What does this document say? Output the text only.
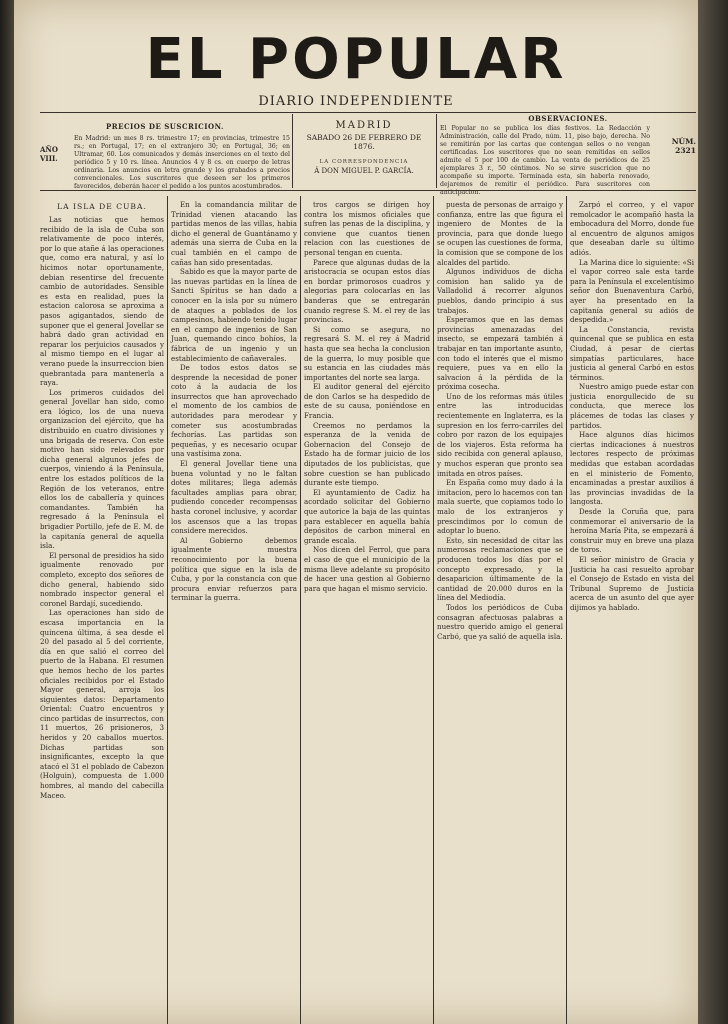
EL POPULAR
DIARIO INDEPENDIENTE
PRECIOS DE SUSCRICION.
AÑO VIII.
En Madrid: un mes 8 rs. trimestre 17; en provincias, trimestre 15 rs.; en Portugal, 17; en el extranjero 30; en Portugal, 36; en Ultramar, 60. Los comunicados y demás inserciones en el texto del periódico 5 y 10 rs. línea. Anuncios 4 y 8 cs. en cuerpo de letras ordinaria. Los anuncios en letra grande y los grabados a precios convencionales. Los suscritores que deseen ser los primeros favorecidos, deberán hacer el pedido a los puntos acostumbrados.
MADRID
SABADO 26 DE FEBRERO DE 1876.
LA CORRESPONDENCIA
Á DON MIGUEL P. GARCÍA.
OBSERVACIONES.
El Popular no se publica los días festivos. La Redacción y Administración, calle del Prado, núm. 11, piso bajo, derecha. No se remitirán por las cartas que contengan sellos o no vengan certificadas. Los suscritores que no sean remitidas en sellos admite el 5 por 100 de cambio. La venta de periódicos de 25 ejemplares 3 r., 50 céntimos. No se sirve suscricion que no acompañe su importe. Terminada esta, sin haberla renovado, dejaremos de remitir el periódico. Para suscritores con anticipacion.
NÚM. 2321
LA ISLA DE CUBA.

Las noticias que hemos recibido de la isla de Cuba son relativamente de poco interés, por lo que atañe á las operaciones que, como era natural, y así lo hicimos notar oportunamente, debian resentirse del frecuente cambio de autoridades. Sensible es esta en realidad, pues la estacion calorosa se aproxima a pasos agigantados, siendo de suponer que el general Jovellar se habrá dado gran actividad en reparar los perjuicios causados y al mismo tiempo en el lugar al verano puede la insurreccion bien quebrantada para mantenerla a raya.

Los primeros cuidados del general Jovellar han sido, como era lógico, los de una nueva organizacion del ejército, que ha distribuido en cuatro divisiones y una brigada de reserva. Con este motivo han sido relevados por dicha general algunos jefes de cuerpos, viniendo á la Península, entre los estados políticos de la Región de los veteranos, entre ellos los de caballería y quinces comandantes. También ha regresado á la Península el brigadier Portillo, jefe de E. M. de la capitanía general de aquella isla.

El personal de presidios ha sido igualmente renovado por completo, excepto dos señores de dicho general, habiendo sido nombrado inspector general el coronel Bardají, sucediendo.

Las operaciones han sido de escasa importancia en la quincena última, á sea desde el 20 del pasado al 5 del corriente, día en que salió el correo del puerto de la Habana. El resumen que hemos hecho de los partes oficiales recibidos por el Estado Mayor general, arroja los siguientes datos: Departamento Oriental: Cuatro encuentros y cinco partidas de insurrectos, con 11 muertos, 26 prisioneros, 3 heridos y 20 caballos muertos. Dichas partidas son insignificantes, excepto la que atacó el 31 el poblado de Cabezon (Holguin), compuesta de 1.000 hombres, al mando del cabecilla Maceo.

En la comandancia militar de Trinidad vienen atacando las partidas menos de las villas, habia dicho el general de Guantánamo y además una sierra de Cuba en la cual también en el campo de cañas han sido presentadas.

Sabido es que la mayor parte de las nuevas partidas en la línea de Sancti Spíritus se han dado a conocer en la isla por su número de ataques a poblados de los campesinos, habiendo tenido lugar en el campo de ingenios de San Juan, quemando cinco bohíos, la fábrica de un ingenio y un establecimiento de cañaverales.

De todos estos datos se desprende la necesidad de poner coto á la audacia de los insurrectos que han aprovechado el momento de los cambios de autoridades para merodear y cometer sus acostumbradas fechorías. Las partidas son pequeñas, y es necesario ocupar una vastísima zona.

El general Jovellar tiene una buena voluntad y no le faltan dotes militares; llega además facultades amplias para obrar, pudiendo conceder recompensas hasta coronel inclusive, y acordar los ascensos que a las tropas considere merecidos.

Al Gobierno debemos igualmente muestra reconocimiento por la buena política que sigue en la isla de Cuba, y por la constancia con que procura enviar refuerzos para terminar la guerra.

tros cargos se dirigen hoy contra los mismos oficiales que sufren las penas de la disciplina, y conviene que cuantos tienen relacion con las cuestiones de personal tengan en cuenta.

Parece que algunas dudas de la aristocracia se ocupan estos días en bordar primorosos cuadros y alegorias para colocarlas en las banderas que se entregarán cuando regrese S. M. el rey de las provincias.

Si como se asegura, no regresará S. M. el rey á Madrid hasta que sea hecha la conclusion de la guerra, lo muy posible que su estancia en las ciudades más importantes del norte sea larga.

El auditor general del ejército de don Carlos se ha despedido de este de su causa, poniéndose en Francia.

Creemos no perdamos la esperanza de la venida de Gobernacion del Consejo de Estado ha de formar juicio de los diputados de los publicistas, que sobre cuestion se han publicado durante este tiempo.

El ayuntamiento de Cadiz ha acordado solicitar del Gobierno que autorice la baja de las quintas para establecer en aquella bahía depósitos de carbon mineral en grande escala.

Nos dicen del Ferrol, que para el caso de que el municipio de la misma lleve adelante su propósito de hacer una gestion al Gobierno para que hagan el mismo servicio.

puesta de personas de arraigo y confianza, entre las que figura el ingeniero de Montes de la provincia, para que donde luego se ocupen las cuestiones de forma, la comision que se compone de los alcaldes del partido.

Algunos individuos de dicha comision han salido ya de Valladolid á recorrer algunos pueblos, dando principio á sus trabajos.

Esperamos que en las demas provincias amenazadas del insecto, se empezará también á trabajar en tan importante asunto, con todo el interés que el mismo requiere, pues va en ello la salvacion á la pérdida de la próxima cosecha.

Uno de los reformas más útiles entre las introducidas recientemente en Inglaterra, es la supresion en los ferro-carriles del cobro por razon de los equipajes de los viajeros. Esta reforma ha sido recibida con general aplauso, y muchos esperan que pronto sea imitada en otros países.

En España como muy dado á la imitacion, pero lo hacemos con tan mala suerte, que copiamos todo lo malo de los extranjeros y prescindimos por lo comun de adoptar lo bueno.

Esto, sin necesidad de citar las numerosas reclamaciones que se producen todos los días por el concepto expresado, y la desaparicion últimamente de la cantidad de 20.000 duros en la línea del Mediodía.

Todos los periódicos de Cuba consagran afectuosas palabras a nuestro querido amigo el general Carbó, que ya salió de aquella isla.

Zarpó el correo, y el vapor remolcador le acompañó hasta la embocadura del Morro, donde fue al encuentro de algunos amigos que deseaban darle su último adiós.

La Marina dice lo siguiente: «Si el vapor correo sale esta tarde para la Península el excelentísimo señor don Buenaventura Carbó, ayer ha presentado en la capitanía general su adiós de despedida.»

La Constancia, revista quincenal que se publica en esta Ciudad, á pesar de ciertas simpatías particulares, hace justicia al general Carbó en estos términos.

Nuestro amigo puede estar con justicia enorgullecido de su conducta, que merece los plácemes de todas las clases y partidos.

Hace algunos días hicimos ciertas indicaciones á nuestros lectores respecto de próximas medidas que estaban acordadas en el ministerio de Fomento, encaminadas a prestar auxilios á las provincias invadidas de la langosta.

Desde la Coruña que, para conmemorar el aniversario de la heroína María Pita, se empezará á construir muy en breve una plaza de toros.

El señor ministro de Gracia y Justicia ha casi resuelto aprobar el Consejo de Estado en vista del Tribunal Supremo de Justicia acerca de un asunto del que ayer dijimos ya hablado.
